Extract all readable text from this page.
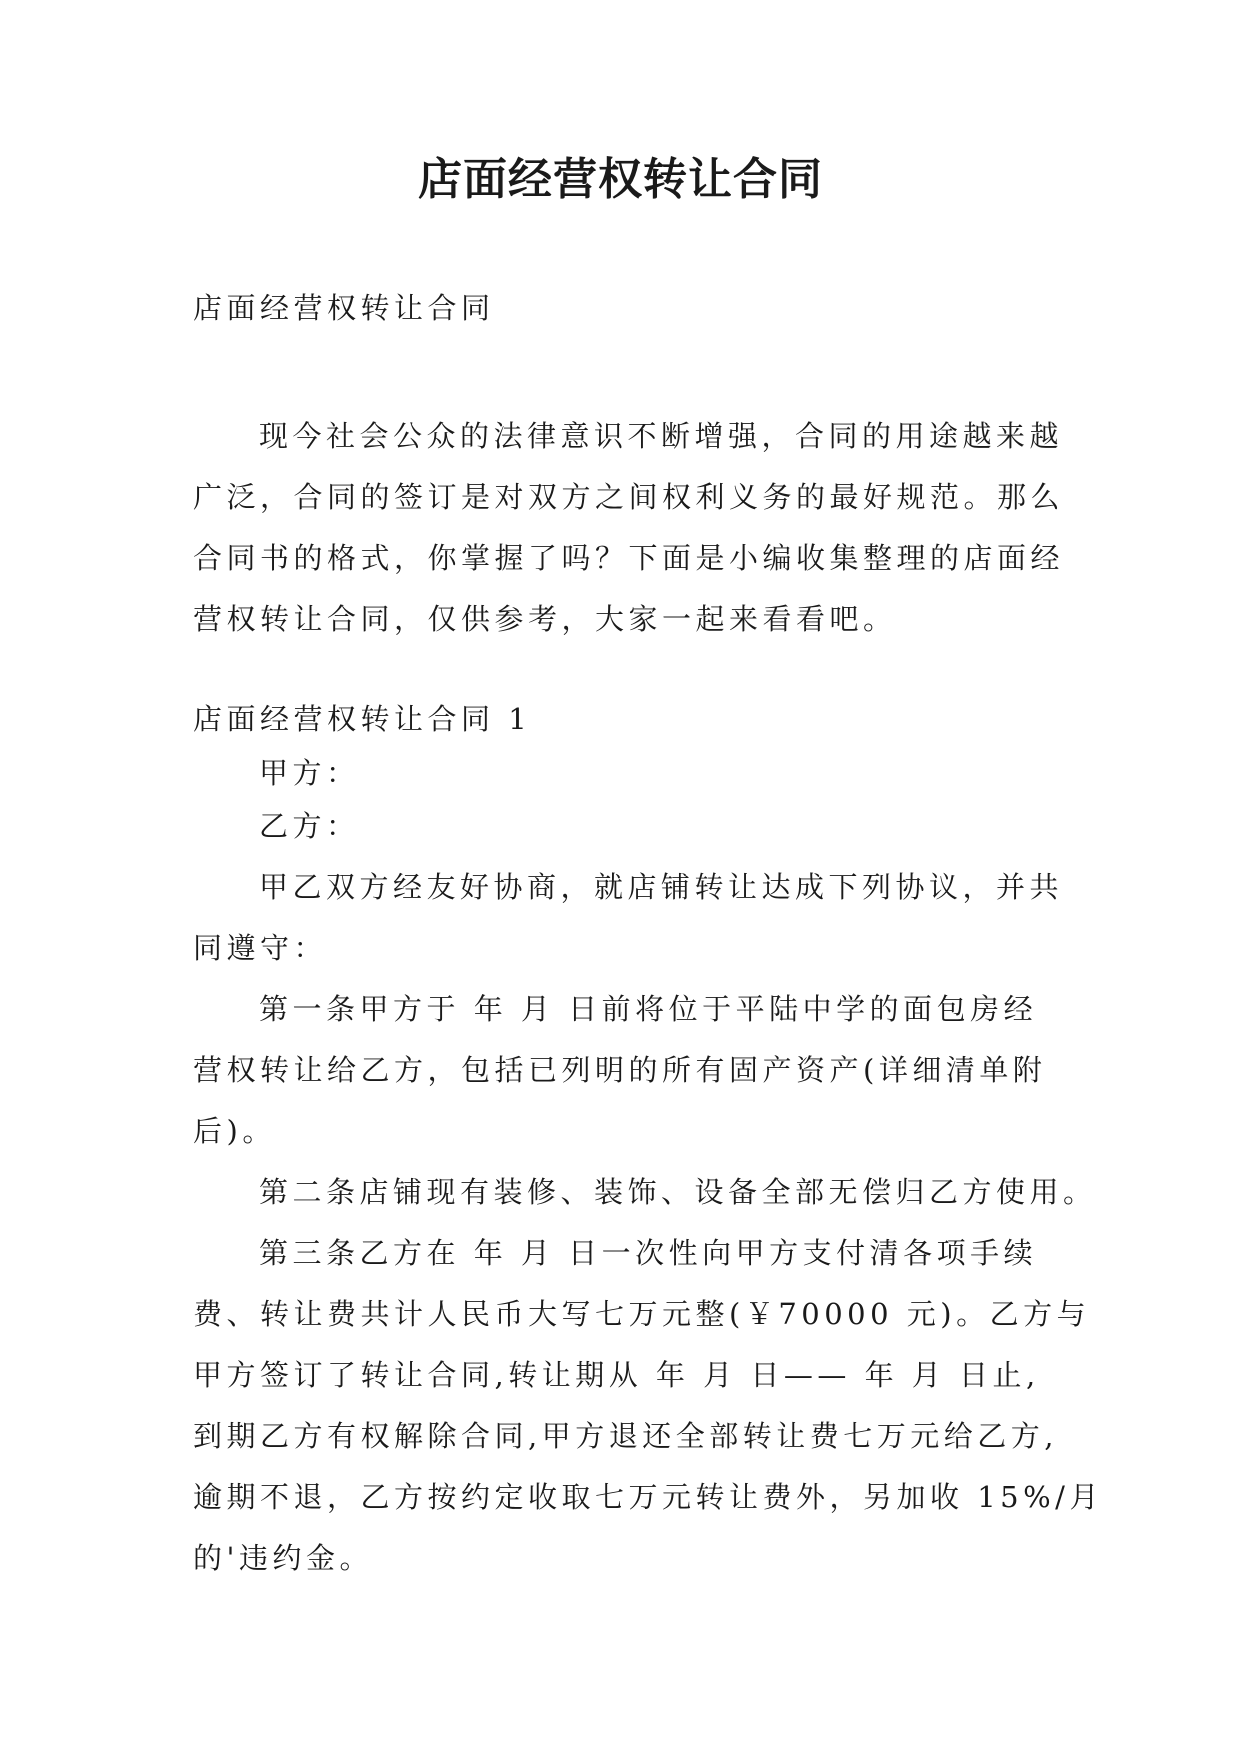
店面经营权转让合同

店面经营权转让合同

现今社会公众的法律意识不断增强，合同的用途越来越
广泛，合同的签订是对双方之间权利义务的最好规范。那么
合同书的格式，你掌握了吗？下面是小编收集整理的店面经
营权转让合同，仅供参考，大家一起来看看吧。

店面经营权转让合同 1

甲方：

乙方：

甲乙双方经友好协商，就店铺转让达成下列协议，并共
同遵守：
第一条甲方于 年 月 日前将位于平陆中学的面包房经
营权转让给乙方，包括已列明的所有固产资产(详细清单附
后)。
第二条店铺现有装修、装饰、设备全部无偿归乙方使用。
第三条乙方在 年 月 日一次性向甲方支付清各项手续
费、转让费共计人民币大写七万元整(￥70000 元)。乙方与
甲方签订了转让合同,转让期从 年 月 日—— 年 月 日止,
到期乙方有权解除合同,甲方退还全部转让费七万元给乙方,
逾期不退，乙方按约定收取七万元转让费外，另加收 15%/月
的'违约金。
